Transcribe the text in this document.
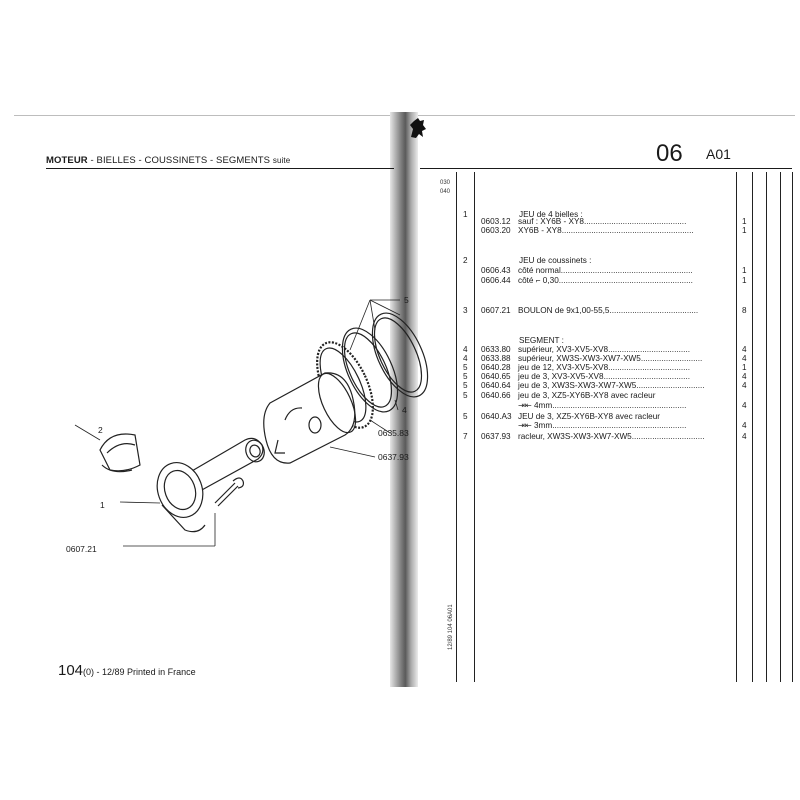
MOTEUR - BIELLES - COUSSINETS - SEGMENTS suite
2
1
0607.21
5
4
0635.83
0637.93
104(0) - 12/89 Printed in France
06 A01
030
040
12/89 104 06A01
1	JEU de 4 bielles :
0603.12 sauf : XY6B - XY8.............................................	1
0603.20 XY6B - XY8..........................................................	1
2	JEU de coussinets :
0606.43 côté normal..........................................................	1
0606.44 côté ⌐ 0,30...........................................................	1
3 0607.21 BOULON de 9x1,00-55,5.......................................	8
SEGMENT :
4 0633.80 supérieur, XV3-XV5-XV8....................................	4
4 0633.88 supérieur, XW3S-XW3-XW7-XW5...........................	4
5 0640.28 jeu de 12, XV3-XV5-XV8....................................	1
5 0640.65 jeu de 3, XV3-XV5-XV8......................................	4
5 0640.64 jeu de 3, XW3S-XW3-XW7-XW5..............................	4
5 0640.66 jeu de 3, XZ5-XY6B-XY8 avec racleur
⇥⇤ 4mm...........................................................	4
5 0640.A3 JEU de 3, XZ5-XY6B-XY8 avec racleur
⇥⇤ 3mm...........................................................	4
7 0637.93 racleur, XW3S-XW3-XW7-XW5................................	4
